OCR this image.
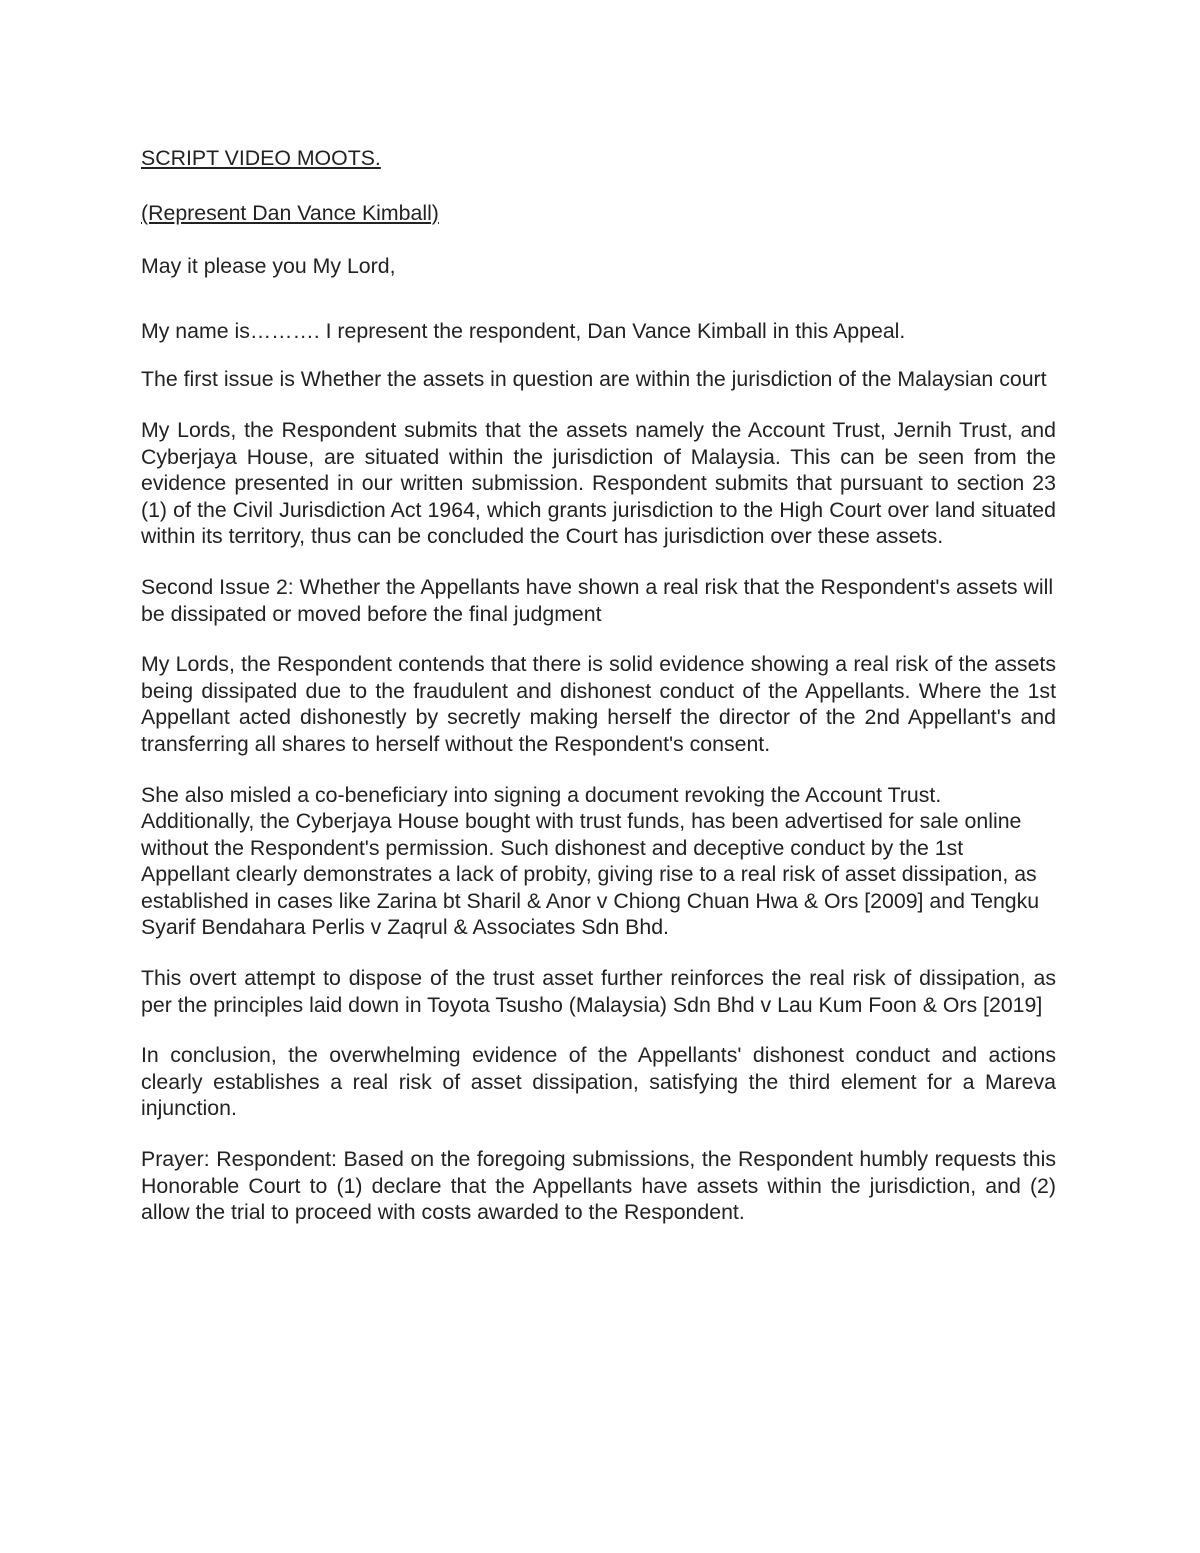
SCRIPT VIDEO MOOTS.

(Represent Dan Vance Kimball)

May it please you My Lord,

My name is………. I represent the respondent, Dan Vance Kimball in this Appeal.

The first issue is Whether the assets in question are within the jurisdiction of the Malaysian court

My Lords, the Respondent submits that the assets namely the Account Trust, Jernih Trust, and Cyberjaya House, are situated within the jurisdiction of Malaysia. This can be seen from the evidence presented in our written submission. Respondent submits that pursuant to section 23 (1) of the Civil Jurisdiction Act 1964, which grants jurisdiction to the High Court over land situated within its territory, thus can be concluded the Court has jurisdiction over these assets.

Second Issue 2: Whether the Appellants have shown a real risk that the Respondent's assets will be dissipated or moved before the final judgment

My Lords, the Respondent contends that there is solid evidence showing a real risk of the assets being dissipated due to the fraudulent and dishonest conduct of the Appellants. Where the 1st Appellant acted dishonestly by secretly making herself the director of the 2nd Appellant's and transferring all shares to herself without the Respondent's consent.

She also misled a co-beneficiary into signing a document revoking the Account Trust. Additionally, the Cyberjaya House bought with trust funds, has been advertised for sale online without the Respondent's permission. Such dishonest and deceptive conduct by the 1st Appellant clearly demonstrates a lack of probity, giving rise to a real risk of asset dissipation, as established in cases like Zarina bt Sharil & Anor v Chiong Chuan Hwa & Ors [2009] and Tengku Syarif Bendahara Perlis v Zaqrul & Associates Sdn Bhd.

This overt attempt to dispose of the trust asset further reinforces the real risk of dissipation, as per the principles laid down in Toyota Tsusho (Malaysia) Sdn Bhd v Lau Kum Foon & Ors [2019]

In conclusion, the overwhelming evidence of the Appellants' dishonest conduct and actions clearly establishes a real risk of asset dissipation, satisfying the third element for a Mareva injunction.

Prayer: Respondent: Based on the foregoing submissions, the Respondent humbly requests this Honorable Court to (1) declare that the Appellants have assets within the jurisdiction, and (2) allow the trial to proceed with costs awarded to the Respondent.
